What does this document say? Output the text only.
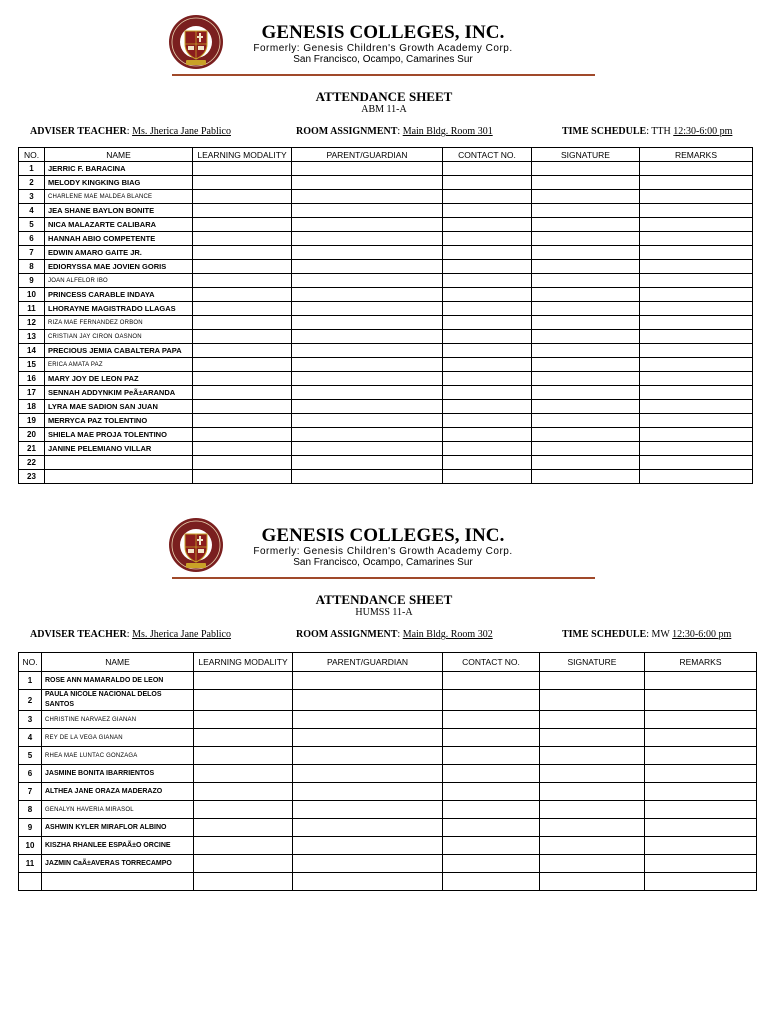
GENESIS COLLEGES, INC.
Formerly: Genesis Children's Growth Academy Corp.
San Francisco, Ocampo, Camarines Sur
ATTENDANCE SHEET
ABM 11-A
ADVISER TEACHER: Ms. Jherica Jane Pablico	ROOM ASSIGNMENT: Main Bldg. Room 301	TIME SCHEDULE: TTH 12:30-6:00 pm
NO.	NAME	LEARNING MODALITY	PARENT/GUARDIAN	CONTACT NO.	SIGNATURE	REMARKS
1	JERRIC F. BARACINA					
2	MELODY KINGKING BIAG					
3	CHARLENE MAE MALDEA BLANCE					
4	JEA SHANE BAYLON BONITE					
5	NICA MALAZARTE CALIBARA					
6	HANNAH ABIO COMPETENTE					
7	EDWIN AMARO GAITE JR.					
8	EDIORYSSA MAE JOVIEN GORIS					
9	JOAN ALFELOR IBO					
10	PRINCESS CARABLE INDAYA					
11	LHORAYNE MAGISTRADO LLAGAS					
12	RIZA MAE FERNANDEZ ORBON					
13	CRISTIAN JAY CIRON OASNON					
14	PRECIOUS JEMIA CABALTERA PAPA					
15	ERICA AMATA PAZ					
16	MARY JOY DE LEON PAZ					
17	SENNAH ADDYNKIM PeÃ±ARANDA					
18	LYRA MAE SADION SAN JUAN					
19	MERRYCA PAZ TOLENTINO					
20	SHIELA MAE PROJA TOLENTINO					
21	JANINE PELEMIANO VILLAR					
22						
23						
GENESIS COLLEGES, INC.
Formerly: Genesis Children's Growth Academy Corp.
San Francisco, Ocampo, Camarines Sur
ATTENDANCE SHEET
HUMSS 11-A
ADVISER TEACHER: Ms. Jherica Jane Pablico	ROOM ASSIGNMENT: Main Bldg. Room 302	TIME SCHEDULE: MW 12:30-6:00 pm
NO.	NAME	LEARNING MODALITY	PARENT/GUARDIAN	CONTACT NO.	SIGNATURE	REMARKS
1	ROSE ANN MAMARALDO DE LEON					
2	PAULA NICOLE NACIONAL DELOS SANTOS					
3	CHRISTINE NARVAEZ GIANAN					
4	REY DE LA VEGA GIANAN					
5	RHEA MAE LUNTAC GONZAGA					
6	JASMINE BONITA IBARRIENTOS					
7	ALTHEA JANE ORAZA MADERAZO					
8	GENALYN HAVERIA MIRASOL					
9	ASHWIN KYLER MIRAFLOR ALBINO					
10	KISZHA RHANLEE ESPAÃ±O ORCINE					
11	JAZMIN CaÃ±AVERAS TORRECAMPO					
